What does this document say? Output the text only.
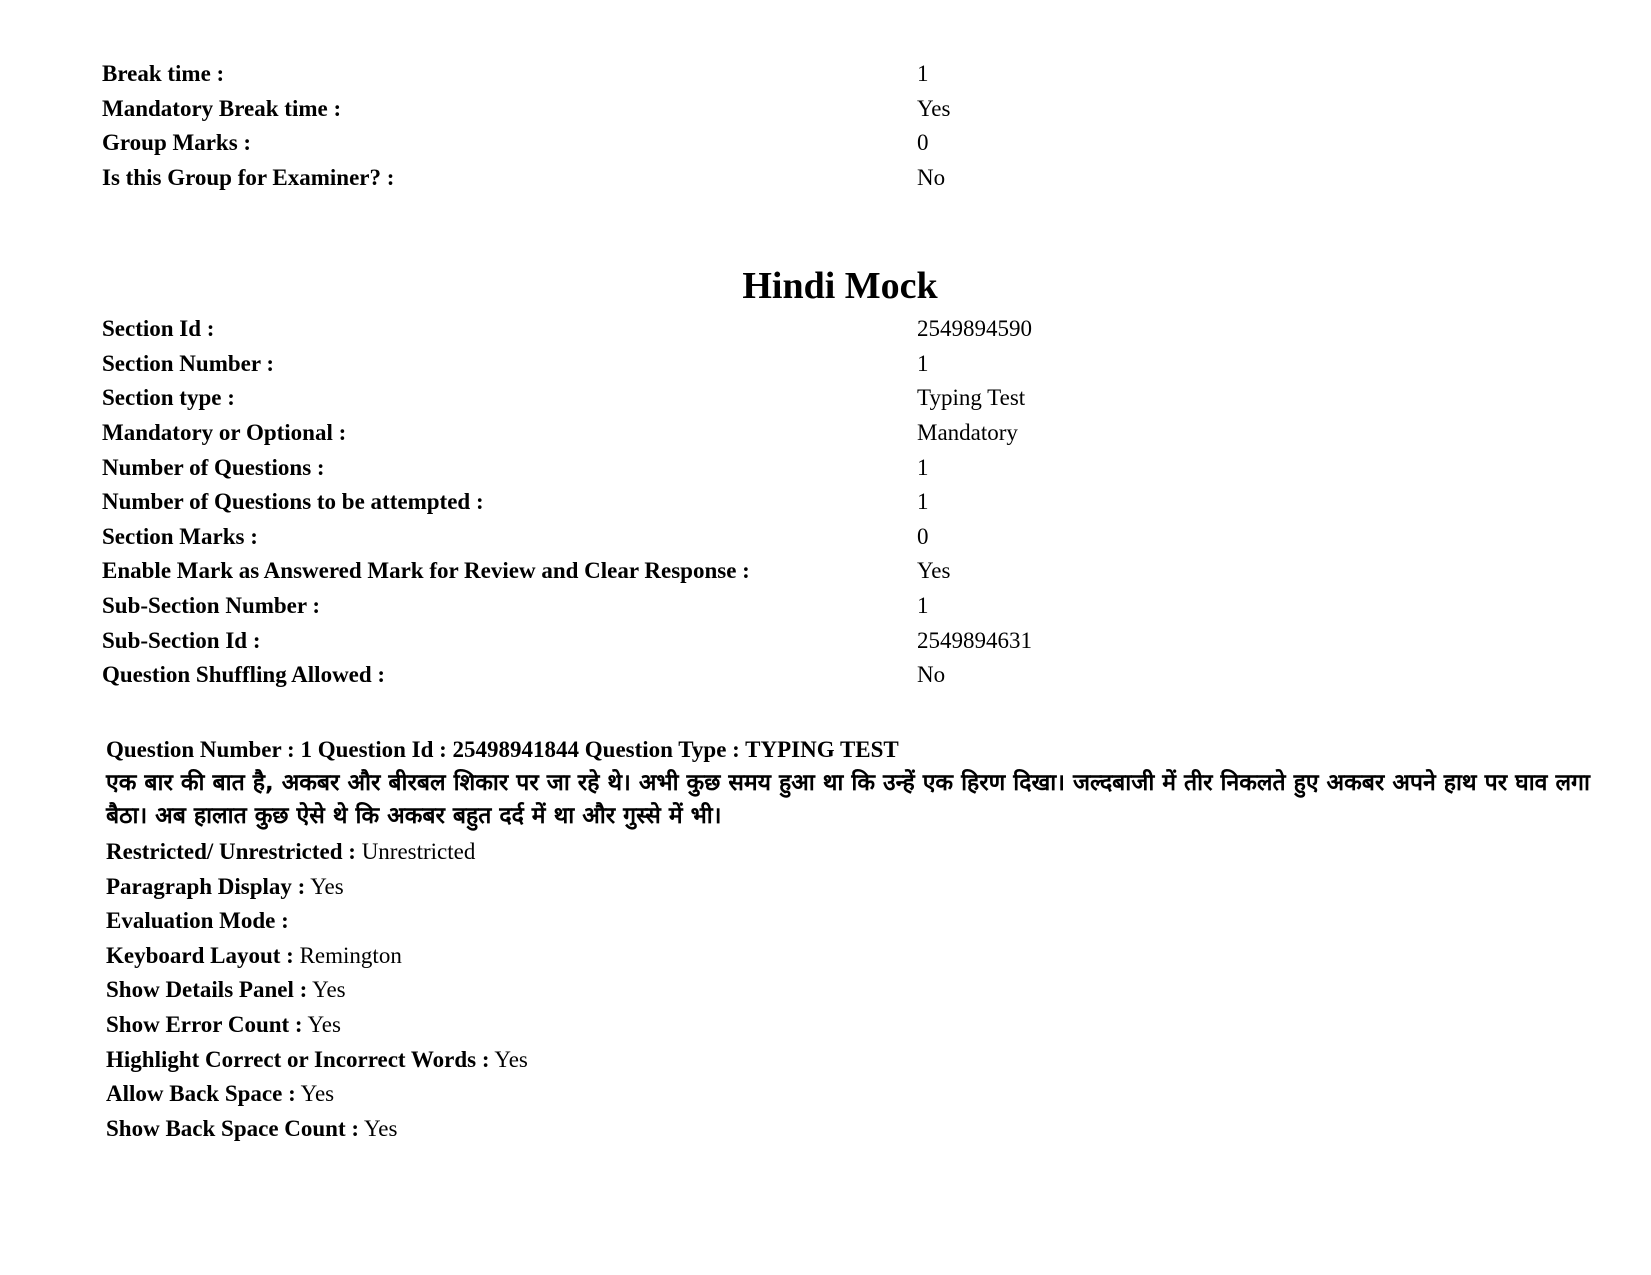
Break time :	1
Mandatory Break time :	Yes
Group Marks :	0
Is this Group for Examiner? :	No
Hindi Mock
Section Id :	2549894590
Section Number :	1
Section type :	Typing Test
Mandatory or Optional :	Mandatory
Number of Questions :	1
Number of Questions to be attempted :	1
Section Marks :	0
Enable Mark as Answered Mark for Review and Clear Response :	Yes
Sub-Section Number :	1
Sub-Section Id :	2549894631
Question Shuffling Allowed :	No
Question Number : 1 Question Id : 25498941844 Question Type : TYPING TEST
एक बार की बात है, अकबर और बीरबल शिकार पर जा रहे थे। अभी कुछ समय हुआ था कि उन्हें एक हिरण दिखा। जल्दबाजी में तीर निकलते हुए अकबर अपने हाथ पर घाव लगा बैठा। अब हालात कुछ ऐसे थे कि अकबर बहुत दर्द में था और गुस्से में भी।
Restricted/ Unrestricted : Unrestricted
Paragraph Display : Yes
Evaluation Mode :
Keyboard Layout : Remington
Show Details Panel : Yes
Show Error Count : Yes
Highlight Correct or Incorrect Words : Yes
Allow Back Space : Yes
Show Back Space Count : Yes
